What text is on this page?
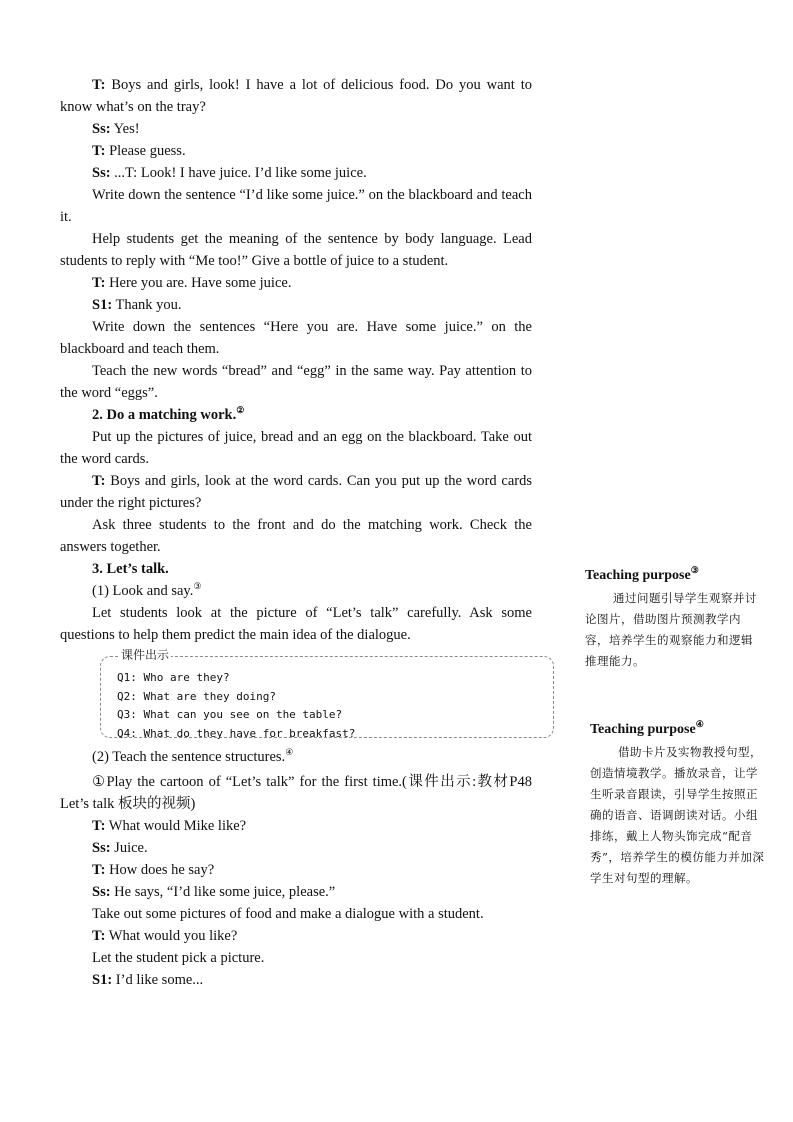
T: Boys and girls, look! I have a lot of delicious food. Do you want to know what’s on the tray?

Ss: Yes!

T: Please guess.

Ss: ...T: Look! I have juice. I’d like some juice.

Write down the sentence “I’d like some juice.” on the blackboard and teach it.

Help students get the meaning of the sentence by body language. Lead students to reply with “Me too!” Give a bottle of juice to a student.

T: Here you are. Have some juice.

S1: Thank you.

Write down the sentences “Here you are. Have some juice.” on the blackboard and teach them.

Teach the new words “bread” and “egg” in the same way. Pay attention to the word “eggs”.

2. Do a matching work.②

Put up the pictures of juice, bread and an egg on the blackboard. Take out the word cards.

T: Boys and girls, look at the word cards. Can you put up the word cards under the right pictures?

Ask three students to the front and do the matching work. Check the answers together.

3. Let’s talk.

(1) Look and say.③

Let students look at the picture of “Let’s talk” carefully. Ask some questions to help them predict the main idea of the dialogue.

课件出示
Q1: Who are they?
Q2: What are they doing?
Q3: What can you see on the table?
Q4: What do they have for breakfast?

(2) Teach the sentence structures.④

①Play the cartoon of “Let’s talk” for the first time.(课件出示:教材P48 Let’s talk 板块的视频)

T: What would Mike like?

Ss: Juice.

T: How does he say?

Ss: He says, “I’d like some juice, please.”

Take out some pictures of food and make a dialogue with a student.

T: What would you like?

Let the student pick a picture.

S1: I’d like some...

Teaching purpose③

通过问题引导学生观察并讨论图片，借助图片预测教学内容，培养学生的观察能力和逻辑推理能力。

Teaching purpose④

借助卡片及实物教授句型，创造情境教学。播放录音，让学生听录音跟读，引导学生按照正确的语音、语调朗读对话。小组排练，戴上人物头饰完成“配音秀”，培养学生的模仿能力并加深学生对句型的理解。
